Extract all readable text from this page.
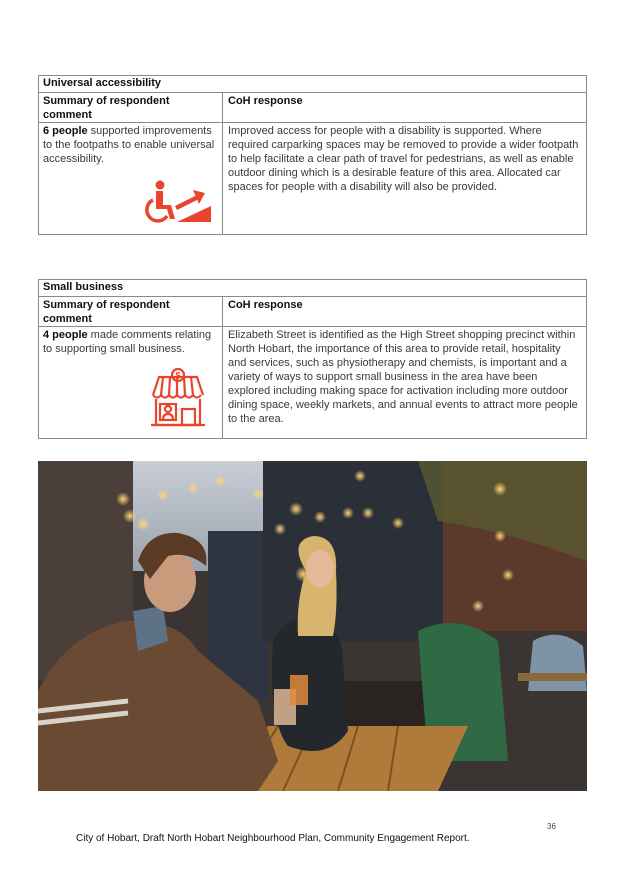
Universal accessibility
Summary of respondent comment
CoH response
6 people supported improvements to the footpaths to enable universal accessibility.
Improved access for people with a disability is supported. Where required carparking spaces may be removed to provide a wider footpath to help facilitate a clear path of travel for pedestrians, as well as enable outdoor dining which is a desirable feature of this area. Allocated car spaces for people with a disability will also be provided.
Small business
Summary of respondent comment
CoH response
4 people made comments relating to supporting small business.
$
Elizabeth Street is identified as the High Street shopping precinct within North Hobart, the importance of this area to provide retail, hospitality and services, such as physiotherapy and chemists, is important and a variety of ways to support small business in the area have been explored including making space for activation including more outdoor dining space, weekly markets, and annual events to attract more people to the area.
36
City of Hobart, Draft North Hobart Neighbourhood Plan, Community Engagement Report.
